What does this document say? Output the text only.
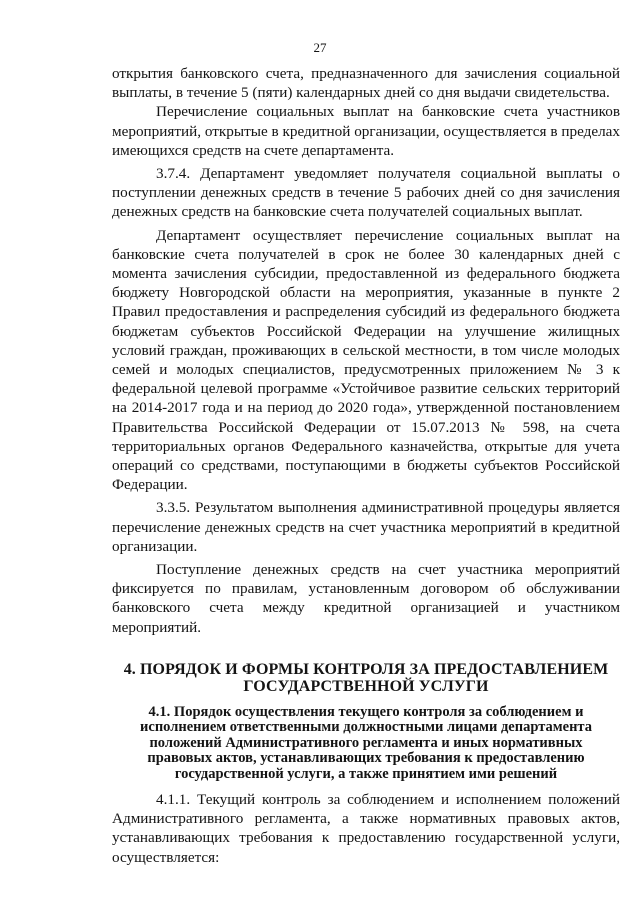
27

открытия банковского счета, предназначенного для зачисления социальной выплаты, в течение 5 (пяти) календарных дней со дня выдачи свидетельства.

Перечисление социальных выплат на банковские счета участников мероприятий, открытые в кредитной организации, осуществляется в пределах имеющихся средств на счете департамента.

3.7.4. Департамент уведомляет получателя социальной выплаты о поступлении денежных средств в течение 5 рабочих дней со дня зачисления денежных средств на банковские счета получателей социальных выплат.

Департамент осуществляет перечисление социальных выплат на банковские счета получателей в срок не более 30 календарных дней с момента зачисления субсидии, предоставленной из федерального бюджета бюджету Новгородской области на мероприятия, указанные в пункте 2 Правил предоставления и распределения субсидий из федерального бюджета бюджетам субъектов Российской Федерации на улучшение жилищных условий граждан, проживающих в сельской местности, в том числе молодых семей и молодых специалистов, предусмотренных приложением № 3 к федеральной целевой программе «Устойчивое развитие сельских территорий на 2014-2017 года и на период до 2020 года», утвержденной постановлением Правительства Российской Федерации от 15.07.2013 № 598, на счета территориальных органов Федерального казначейства, открытые для учета операций со средствами, поступающими в бюджеты субъектов Российской Федерации.

3.3.5. Результатом выполнения административной процедуры является перечисление денежных средств на счет участника мероприятий в кредитной организации.

Поступление денежных средств на счет участника мероприятий фиксируется по правилам, установленным договором об обслуживании банковского счета между кредитной организацией и участником мероприятий.

4. ПОРЯДОК И ФОРМЫ КОНТРОЛЯ ЗА ПРЕДОСТАВЛЕНИЕМ ГОСУДАРСТВЕННОЙ УСЛУГИ
4.1. Порядок осуществления текущего контроля за соблюдением и исполнением ответственными должностными лицами департамента положений Административного регламента и иных нормативных правовых актов, устанавливающих требования к предоставлению государственной услуги, а также принятием ими решений

4.1.1. Текущий контроль за соблюдением и исполнением положений Административного регламента, а также нормативных правовых актов, устанавливающих требования к предоставлению государственной услуги, осуществляется:
